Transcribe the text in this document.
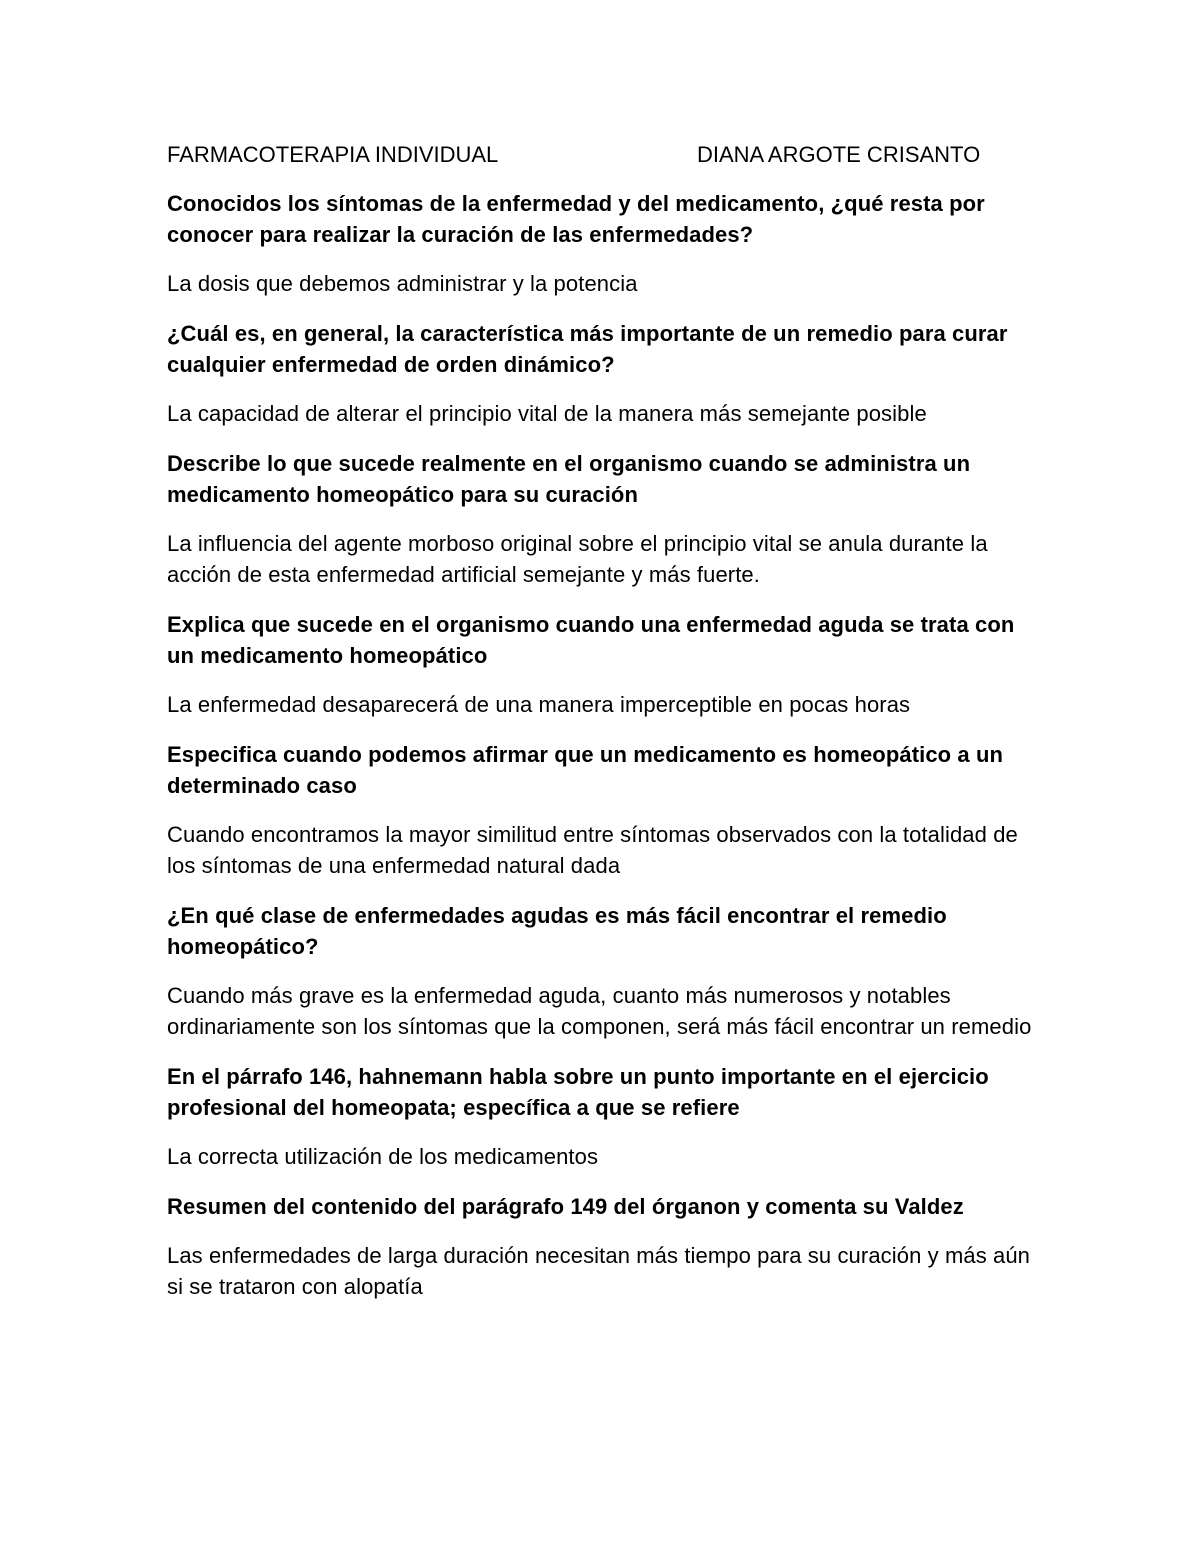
FARMACOTERAPIA INDIVIDUAL	DIANA ARGOTE CRISANTO

Conocidos los síntomas de la enfermedad y del medicamento, ¿qué resta por conocer para realizar la curación de las enfermedades?

La dosis que debemos administrar y la potencia

¿Cuál es, en general, la característica más importante de un remedio para curar cualquier enfermedad de orden dinámico?

La capacidad de alterar el principio vital de la manera más semejante posible

Describe lo que sucede realmente en el organismo cuando se administra un medicamento homeopático para su curación

La influencia del agente morboso original sobre el principio vital se anula durante la acción de esta enfermedad artificial semejante y más fuerte.

Explica que sucede en el organismo cuando una enfermedad aguda se trata con un medicamento homeopático

La enfermedad desaparecerá de una manera imperceptible en pocas horas

Especifica cuando podemos afirmar que un medicamento es homeopático a un determinado caso

Cuando encontramos la mayor similitud entre síntomas observados con la totalidad de los síntomas de una enfermedad natural dada

¿En qué clase de enfermedades agudas es más fácil encontrar el remedio homeopático?

Cuando más grave es la enfermedad aguda, cuanto más numerosos y notables ordinariamente son los síntomas que la componen, será más fácil encontrar un remedio

En el párrafo 146, hahnemann habla sobre un punto importante en el ejercicio profesional del homeopata; específica a que se refiere

La correcta utilización de los medicamentos

Resumen del contenido del parágrafo 149 del órganon y comenta su Valdez

Las enfermedades de larga duración necesitan más tiempo para su curación y más aún si se trataron con alopatía
